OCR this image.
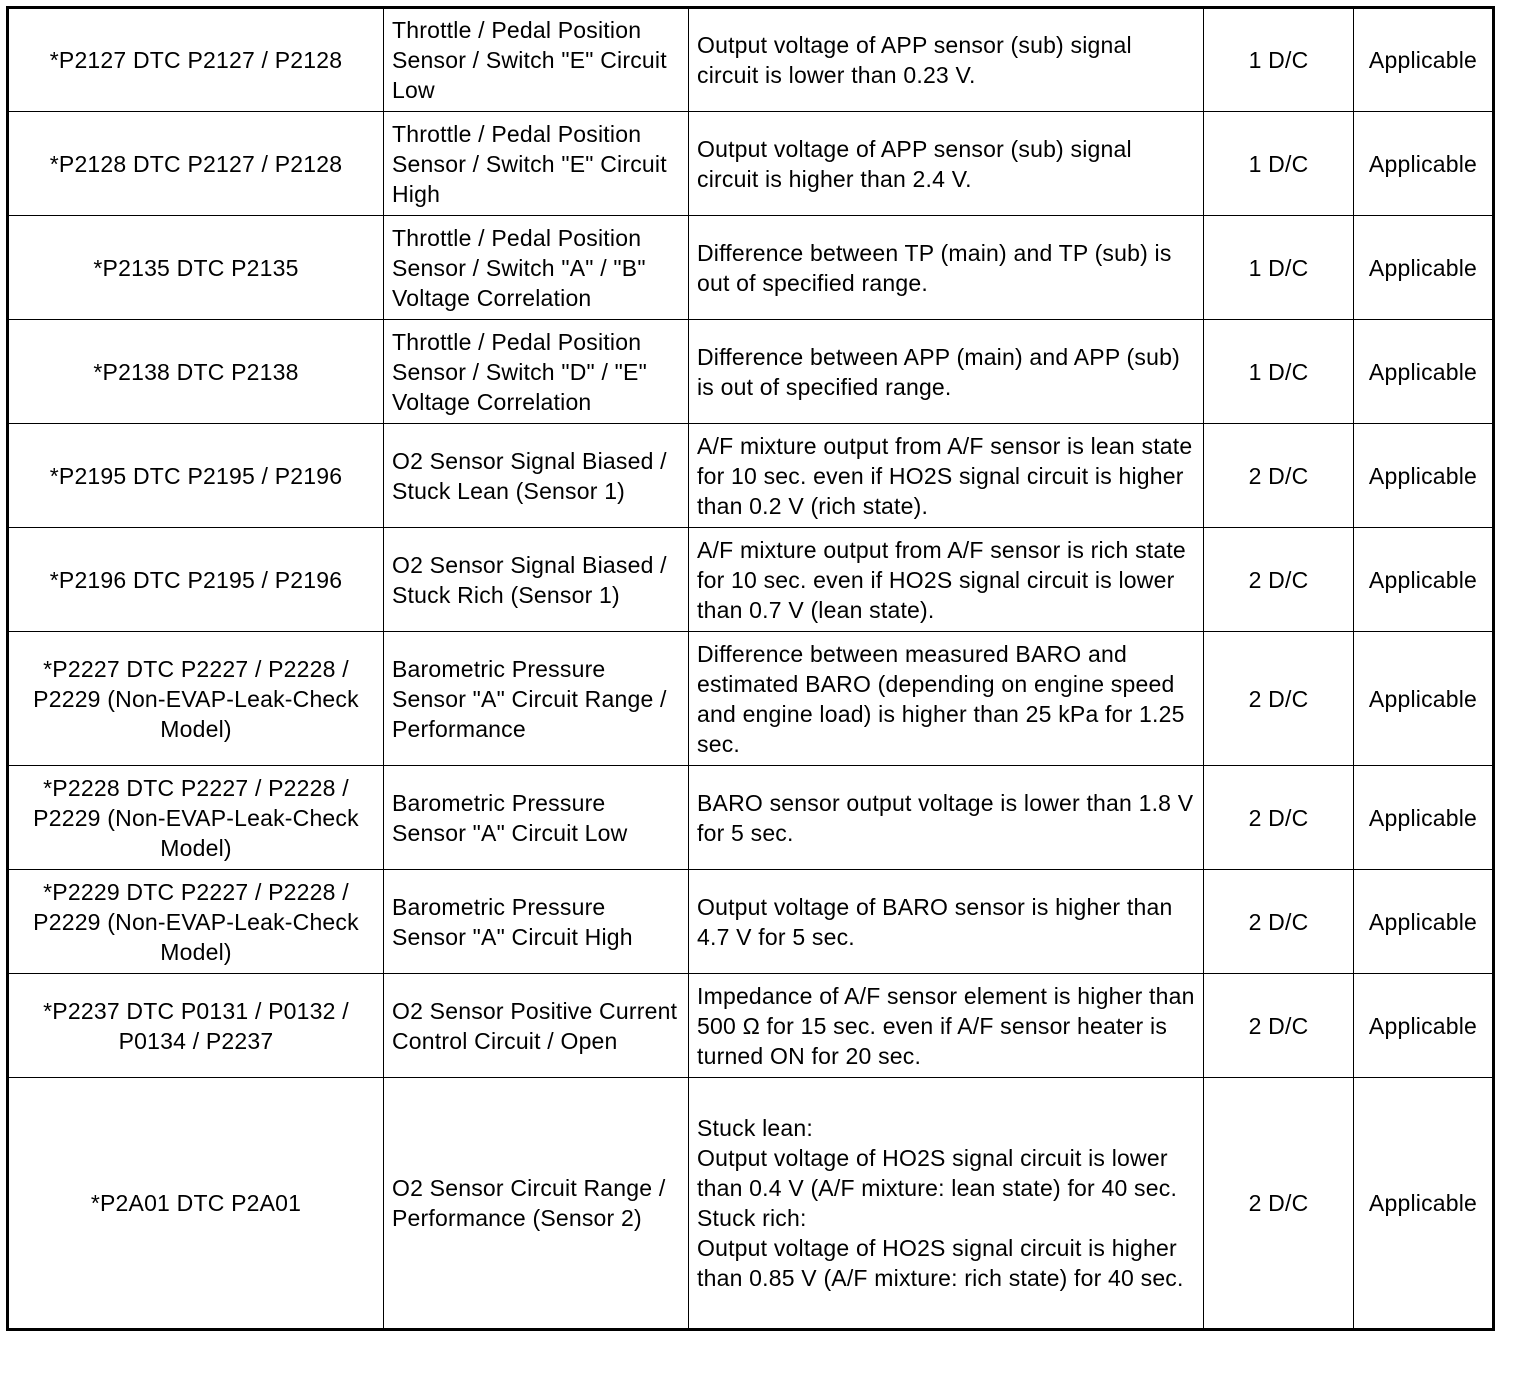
*P2127 DTC P2127 / P2128	Throttle / Pedal Position Sensor / Switch "E" Circuit Low	Output voltage of APP sensor (sub) signal circuit is lower than 0.23 V.	1 D/C	Applicable
*P2128 DTC P2127 / P2128	Throttle / Pedal Position Sensor / Switch "E" Circuit High	Output voltage of APP sensor (sub) signal circuit is higher than 2.4 V.	1 D/C	Applicable
*P2135 DTC P2135	Throttle / Pedal Position Sensor / Switch "A" / "B" Voltage Correlation	Difference between TP (main) and TP (sub) is out of specified range.	1 D/C	Applicable
*P2138 DTC P2138	Throttle / Pedal Position Sensor / Switch "D" / "E" Voltage Correlation	Difference between APP (main) and APP (sub) is out of specified range.	1 D/C	Applicable
*P2195 DTC P2195 / P2196	O2 Sensor Signal Biased / Stuck Lean (Sensor 1)	A/F mixture output from A/F sensor is lean state for 10 sec. even if HO2S signal circuit is higher than 0.2 V (rich state).	2 D/C	Applicable
*P2196 DTC P2195 / P2196	O2 Sensor Signal Biased / Stuck Rich (Sensor 1)	A/F mixture output from A/F sensor is rich state for 10 sec. even if HO2S signal circuit is lower than 0.7 V (lean state).	2 D/C	Applicable
*P2227 DTC P2227 / P2228 / P2229 (Non-EVAP-Leak-Check Model)	Barometric Pressure Sensor "A" Circuit Range / Performance	Difference between measured BARO and estimated BARO (depending on engine speed and engine load) is higher than 25 kPa for 1.25 sec.	2 D/C	Applicable
*P2228 DTC P2227 / P2228 / P2229 (Non-EVAP-Leak-Check Model)	Barometric Pressure Sensor "A" Circuit Low	BARO sensor output voltage is lower than 1.8 V for 5 sec.	2 D/C	Applicable
*P2229 DTC P2227 / P2228 / P2229 (Non-EVAP-Leak-Check Model)	Barometric Pressure Sensor "A" Circuit High	Output voltage of BARO sensor is higher than 4.7 V for 5 sec.	2 D/C	Applicable
*P2237 DTC P0131 / P0132 / P0134 / P2237	O2 Sensor Positive Current Control Circuit / Open	Impedance of A/F sensor element is higher than 500 Ω for 15 sec. even if A/F sensor heater is turned ON for 20 sec.	2 D/C	Applicable
*P2A01 DTC P2A01	O2 Sensor Circuit Range / Performance (Sensor 2)	Stuck lean:
Output voltage of HO2S signal circuit is lower than 0.4 V (A/F mixture: lean state) for 40 sec.
Stuck rich:
Output voltage of HO2S signal circuit is higher than 0.85 V (A/F mixture: rich state) for 40 sec.	2 D/C	Applicable
